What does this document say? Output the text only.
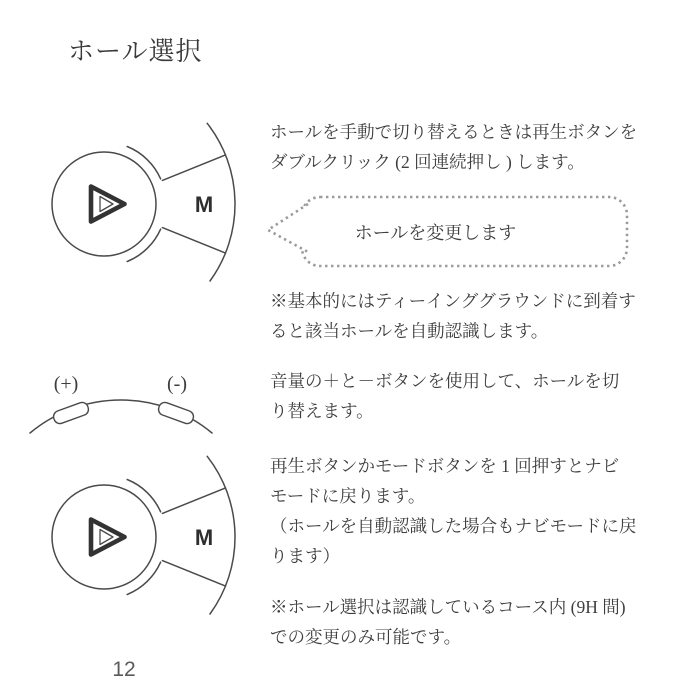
ホール選択
M
(+)	(-)
M
ホールを手動で切り替えるときは再生ボタンを
ダブルクリック (2 回連続押し ) します。
ホールを変更します
※基本的にはティーインググラウンドに到着す
ると該当ホールを自動認識します。
音量の＋と－ボタンを使用して、ホールを切
り替えます。
再生ボタンかモードボタンを 1 回押すとナビ
モードに戻ります。
（ホールを自動認識した場合もナビモードに戻
ります）
※ホール選択は認識しているコース内 (9H 間)
での変更のみ可能です。
12
